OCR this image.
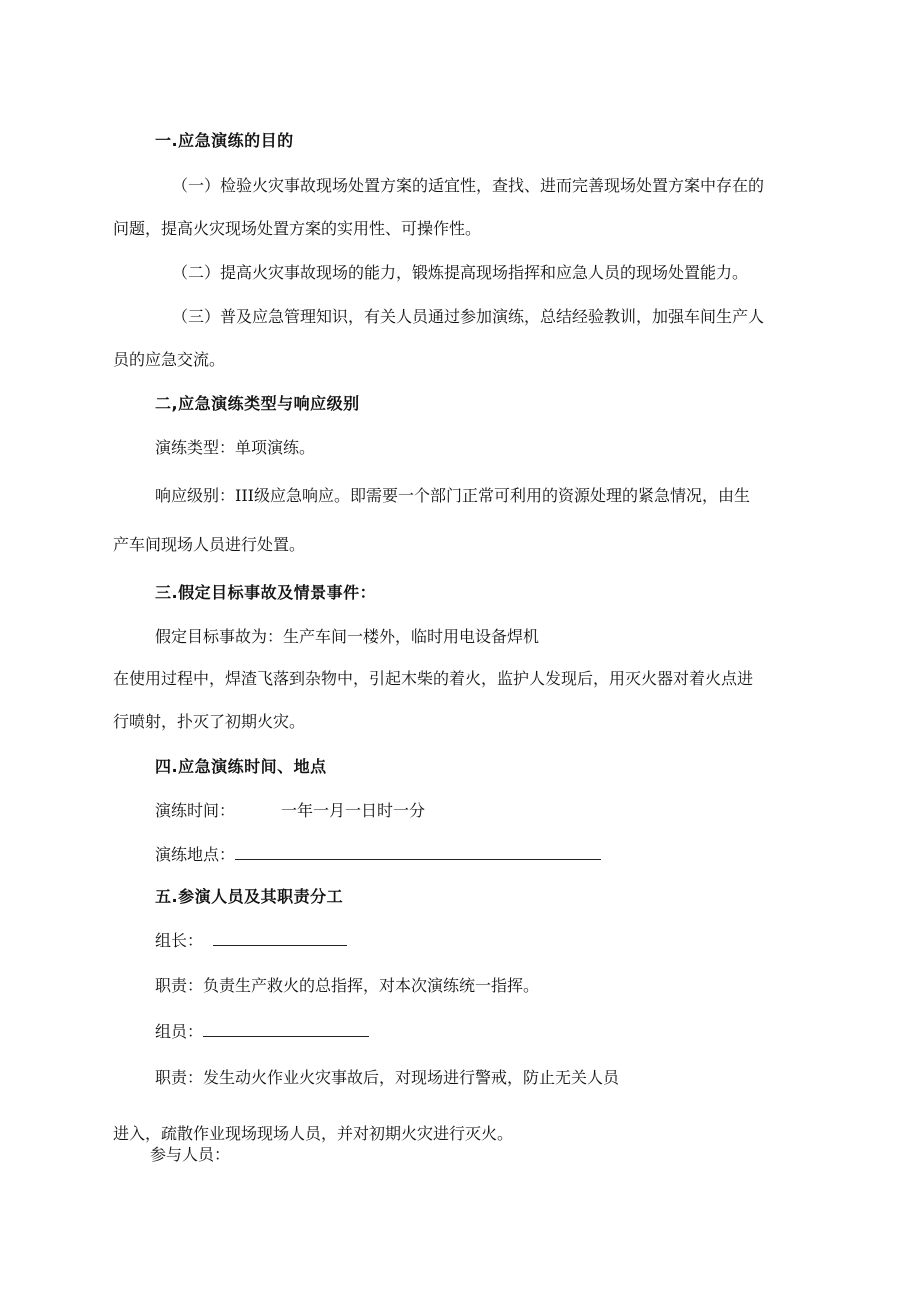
一.应急演练的目的
（一）检验火灾事故现场处置方案的适宜性，查找、进而完善现场处置方案中存在的
问题，提高火灾现场处置方案的实用性、可操作性。
（二）提高火灾事故现场的能力，锻炼提高现场指挥和应急人员的现场处置能力。
（三）普及应急管理知识，有关人员通过参加演练，总结经验教训，加强车间生产人
员的应急交流。
二,应急演练类型与响应级别
演练类型：单项演练。
响应级别：III级应急响应。即需要一个部门正常可利用的资源处理的紧急情况，由生
产车间现场人员进行处置。
三.假定目标事故及情景事件：
假定目标事故为：生产车间一楼外，临时用电设备焊机
在使用过程中，焊渣飞落到杂物中，引起木柴的着火，监护人发现后，用灭火器对着火点进
行喷射，扑灭了初期火灾。
四.应急演练时间、地点
演练时间：	一年一月一日时一分
演练地点：
五.参演人员及其职责分工
组长：
职责：负责生产救火的总指挥，对本次演练统一指挥。
组员：
职责：发生动火作业火灾事故后，对现场进行警戒，防止无关人员
进入，疏散作业现场现场人员，并对初期火灾进行灭火。
参与人员：
